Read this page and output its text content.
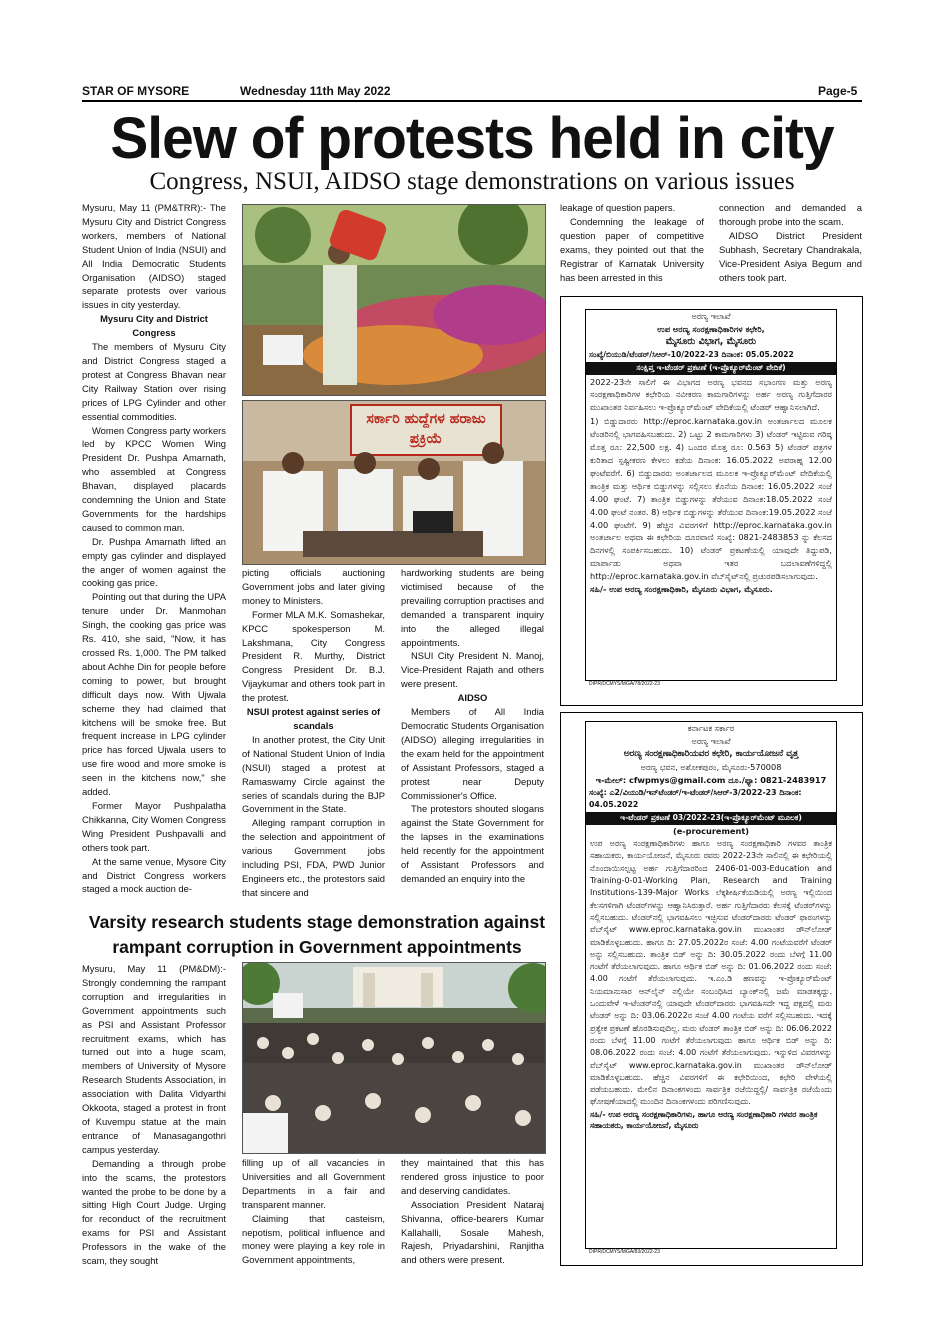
STAR OF MYSORE	Wednesday 11th May 2022	Page-5
Slew of protests held in city
Congress, NSUI, AIDSO stage demonstrations on various issues

Mysuru, May 11 (PM&TRR):- The Mysuru City and District Congress workers, members of National Student Union of India (NSUI) and All India Democratic Students Organisation (AIDSO) staged separate protests over various issues in city yesterday.

Mysuru City and District Congress

The members of Mysuru City and District Congress staged a protest at Congress Bhavan near City Railway Station over rising prices of LPG Cylinder and other essential commodities.

Women Congress party workers led by KPCC Women Wing President Dr. Pushpa Amarnath, who assembled at Congress Bhavan, displayed placards condemning the Union and State Governments for the hardships caused to common man.

Dr. Pushpa Amarnath lifted an empty gas cylinder and displayed the anger of women against the cooking gas price.

Pointing out that during the UPA tenure under Dr. Manmohan Singh, the cooking gas price was Rs. 410, she said, "Now, it has crossed Rs. 1,000. The PM talked about Achhe Din for people before coming to power, but brought difficult days now. With Ujwala scheme they had claimed that kitchens will be smoke free. But frequent increase in LPG cylinder price has forced Ujwala users to use fire wood and more smoke is seen in the kitchens now," she added.

Former Mayor Pushpalatha Chikkanna, City Women Congress Wing President Pushpavalli and others took part.

At the same venue, Mysore City and District Congress workers staged a mock auction de-

ಸರ್ಕಾರಿ ಹುದ್ದೆಗಳ ಹರಾಜು ಪ್ರಕ್ರಿಯೆ

picting officials auctioning Government jobs and later giving money to Ministers.

Former MLA M.K. Somashekar, KPCC spokesperson M. Lakshmana, City Congress President R. Murthy, District Congress President Dr. B.J. Vijaykumar and others took part in the protest.

NSUI protest against series of scandals

In another protest, the City Unit of National Student Union of India (NSUI) staged a protest at Ramaswamy Circle against the series of scandals during the BJP Government in the State.

Alleging rampant corruption in the selection and appointment of various Government jobs including PSI, FDA, PWD Junior Engineers etc., the protestors said that sincere and

hardworking students are being victimised because of the prevailing corruption practises and demanded a transparent inquiry into the alleged illegal appointments.

NSUI City President N. Manoj, Vice-President Rajath and others were present.

AIDSO

Members of All India Democratic Students Organisation (AIDSO) alleging irregularities in the exam held for the appointment of Assistant Professors, staged a protest near Deputy Commissioner's Office.

The protestors shouted slogans against the State Government for the lapses in the examinations held recently for the appointment of Assistant Professors and demanded an enquiry into the

leakage of question papers.

Condemning the leakage of question paper of competitive exams, they pointed out that the Registrar of Karnatak University has been arrested in this

connection and demanded a thorough probe into the scam.

AIDSO District President Subhash, Secretary Chandrakala, Vice-President Asiya Begum and others took part.

Varsity research students stage demonstration against rampant corruption in Government appointments

Mysuru, May 11 (PM&DM):- Strongly condemning the rampant corruption and irregularities in Government appointments such as PSI and Assistant Professor recruitment exams, which has turned out into a huge scam, members of University of Mysore Research Students Association, in association with Dalita Vidyarthi Okkoota, staged a protest in front of Kuvempu statue at the main entrance of Manasagangothri campus yesterday.

Demanding a through probe into the scams, the protestors wanted the probe to be done by a sitting High Court Judge. Urging for reconduct of the recruitment exams for PSI and Assistant Professors in the wake of the scam, they sought

filling up of all vacancies in Universities and all Government Departments in a fair and transparent manner.

Claiming that casteism, nepotism, political influence and money were playing a key role in Government appointments,

they maintained that this has rendered gross injustice to poor and deserving candidates.

Association President Nataraj Shivanna, office-bearers Kumar Kallahalli, Sosale Mahesh, Rajesh, Priyadarshini, Ranjitha and others were present.

ಅರಣ್ಯ ಇಲಾಖೆ
ಉಪ ಅರಣ್ಯ ಸಂರಕ್ಷಣಾಧಿಕಾರಿಗಳ ಕಛೇರಿ,
ಮೈಸೂರು ವಿಭಾಗ, ಮೈಸೂರು
ಸಂಖ್ಯೆ/ಬಿಯುಡಿ/ಟೆಂಡರ್/ಸಿಆರ್-10/2022-23 ದಿನಾಂಕ: 05.05.2022
ಸಂಕ್ಷಿಪ್ತ ಇ-ಟೆಂಡರ್ ಪ್ರಕಟಣೆ (ಇ-ಪ್ರೊಕ್ಯೂರ್‌ಮೆಂಟ್ ವೇದಿಕೆ)
2022-23ನೇ ಸಾಲಿಗೆ ಈ ವಿಭಾಗದ ಅರಣ್ಯ ಭವನದ ಸಭಾಂಗಣ ಮತ್ತು ಅರಣ್ಯ ಸಂರಕ್ಷಣಾಧಿಕಾರಿಗಳ ಕಛೇರಿಯ ನವೀಕರಣ ಕಾಮಗಾರಿಗಳನ್ನು ಅರ್ಹ ಅರಣ್ಯ ಗುತ್ತಿಗೆದಾರರ ಮುಖಾಂತರ ನಿರ್ವಹಿಸಲು ಇ-ಪ್ರೊಕ್ಯೂರ್‌ಮೆಂಟ್ ವೇದಿಕೆಯಲ್ಲಿ ಟೆಂಡರ್ ಆಹ್ವಾನಿಸಲಾಗಿದೆ.
1) ಬಿಡ್ಡುದಾರರು http://eproc.karnataka.gov.in ಅಂತರ್ಜಾಲದ ಮೂಲಕ ಟೆಂಡರಿನಲ್ಲಿ ಭಾಗವಹಿಸಬಹುದು. 2) ಒಟ್ಟು 2 ಕಾಮಗಾರಿಗಳು 3) ಟೆಂಡರ್ ಇಟ್ಟಿರುವ ಗರಿಷ್ಠ ಮೊತ್ತ ರೂ: 22,500 ಲಕ್ಷ. 4) ಒಂದರ ಮೊತ್ತ ರೂ: 0.563 5) ಟೆಂಡರ್ ಪತ್ರಗಳ ಕುರಿತಾದ ಸ್ಪಷ್ಟೀಕರಣ ಕೇಳಲು ಕಡೆಯ ದಿನಾಂಕ: 16.05.2022 ಅಪರಾಹ್ನ 12.00 ಘಂಟೆವರೆಗೆ. 6) ಬಿಡ್ಡುದಾರರು ಅಂತರ್ಜಾಲದ ಮೂಲಕ ಇ-ಪ್ರೊಕ್ಯೂರ್‌ಮೆಂಟ್ ವೇದಿಕೆಯಲ್ಲಿ ತಾಂತ್ರಿಕ ಮತ್ತು ಆರ್ಥಿಕ ಬಿಡ್ಡುಗಳನ್ನು ಸಲ್ಲಿಸಲು ಕೊನೆಯ ದಿನಾಂಕ: 16.05.2022 ಸಂಜೆ 4.00 ಘಂಟೆ. 7) ತಾಂತ್ರಿಕ ಬಿಡ್ಡುಗಳನ್ನು ತೆರೆಯುವ ದಿನಾಂಕ:18.05.2022 ಸಂಜೆ 4.00 ಘಂಟೆ ನಂತರ. 8) ಆರ್ಥಿಕ ಬಿಡ್ಡುಗಳನ್ನು ತೆರೆಯುವ ದಿನಾಂಕ:19.05.2022 ಸಂಜೆ 4.00 ಘಂಟೆಗೆ. 9) ಹೆಚ್ಚಿನ ವಿವರಗಳಿಗೆ http://eproc.karnataka.gov.in ಅಂತರ್ಜಾಲ ಅಥವಾ ಈ ಕಛೇರಿಯ ದೂರವಾಣಿ ಸಂಖ್ಯೆ: 0821-2483853 ನ್ನು ಕೆಲಸದ ದಿನಗಳಲ್ಲಿ ಸಂಪರ್ಕಿಸಬಹುದು. 10) ಟೆಂಡರ್ ಪ್ರಕಟಣೆಯಲ್ಲಿ ಯಾವುದೇ ತಿದ್ದುಪಡಿ, ಮಾರ್ಪಾಡು ಅಥವಾ ಇತರ ಬದಲಾವಣೆಗಳಿದ್ದಲ್ಲಿ http://eproc.karnataka.gov.in ವೆಬ್‌ಸೈಟ್‌ನಲ್ಲಿ ಪ್ರಚುರಪಡಿಸಲಾಗುವುದು.
ಸಹಿ/- ಉಪ ಅರಣ್ಯ ಸಂರಕ್ಷಣಾಧಿಕಾರಿ, ಮೈಸೂರು ವಿಭಾಗ, ಮೈಸೂರು.
DIPR/DCMYS/MGA/78/2022-23
ಕರ್ನಾಟಕ ಸರ್ಕಾರ
ಅರಣ್ಯ ಇಲಾಖೆ
ಅರಣ್ಯ ಸಂರಕ್ಷಣಾಧಿಕಾರಿಯವರ ಕಛೇರಿ, ಕಾರ್ಯಯೋಜನೆ ವೃತ್ತ
ಅರಣ್ಯ ಭವನ, ಅಶೋಕಪುರಂ, ಮೈಸೂರು-570008
ಇ-ಮೇಲ್: cfwpmys@gmail.com ದೂ./ಫ್ಯಾ: 0821-2483917
ಸಂಖ್ಯೆ: ಎ2/ವಿಯುಡಿ/ಇನ್‌ಟೆಂಡರ್/ಇ-ಟೆಂಡರ್/ಸಿಆರ್-3/2022-23 ದಿನಾಂಕ: 04.05.2022
ಇ-ಟೆಂಡರ್ ಪ್ರಕಟಣೆ 03/2022-23(ಇ-ಪ್ರೊಕ್ಯೂರ್‌ಮೆಂಟ್ ಮೂಲಕ)
(e-procurement)
ಉಪ ಅರಣ್ಯ ಸಂರಕ್ಷಣಾಧಿಕಾರಿಗಳು ಹಾಗೂ ಅರಣ್ಯ ಸಂರಕ್ಷಣಾಧಿಕಾರಿ ಗಳವರ ತಾಂತ್ರಿಕ ಸಹಾಯಕರು, ಕಾರ್ಯಯೋಜನೆ, ಮೈಸೂರು ರವರು 2022-23ನೇ ಸಾಲಿನಲ್ಲಿ ಈ ಕಛೇರಿಯಲ್ಲಿ ನೊಂದಾಯಿಸಲ್ಪಟ್ಟ ಅರ್ಹ ಗುತ್ತಿಗೆದಾರರಿಂದ 2406-01-003-Education and Training-0-01-Working Plan, Research and Training Institutions-139-Major Works ಲೆಕ್ಕಶೀರ್ಷಿಕೆಯಡಿಯಲ್ಲಿ ಅರಣ್ಯ ಇಲ್ಲಿಯಿಂದ ಕೆಲಸಗಳಿಗಾಗಿ ಟೆಂಡರ್‌ಗಳನ್ನು ಆಹ್ವಾನಿಸಿರುತ್ತಾರೆ. ಅರ್ಹ ಗುತ್ತಿಗೆದಾರರು ಕೆಲಸಕ್ಕೆ ಟೆಂಡರ್‌ಗಳನ್ನು ಸಲ್ಲಿಸಬಹುದು. ಟೆಂಡರ್‌ನಲ್ಲಿ ಭಾಗವಹಿಸಲು ಇಚ್ಛಿಸುವ ಟೆಂಡರ್‌ದಾರರು ಟೆಂಡರ್ ಫಾರಂಗಳನ್ನು ವೆಬ್‌ಸೈಟ್ www.eproc.karnataka.gov.in ಮುಖಾಂತರ ಡೌನ್‌ಲೋಡ್ ಮಾಡಿಕೊಳ್ಳಬಹುದು. ಹಾಗೂ ದಿ: 27.05.2022ರ ಸಂಜೆ: 4.00 ಗಂಟೆಯವರೆಗೆ ಟೆಂಡರ್ ಅನ್ನು ಸಲ್ಲಿಸಬಹುದು. ತಾಂತ್ರಿಕ ಬಿಡ್ ಅನ್ನು ದಿ: 30.05.2022 ರಂದು ಬೆಳಗ್ಗೆ 11.00 ಗಂಟೆಗೆ ತೆರೆಯಲಾಗುವುದು. ಹಾಗೂ ಆರ್ಥಿಕ ಬಿಡ್ ಅನ್ನು ದಿ: 01.06.2022 ರಂದು ಸಂಜೆ: 4.00 ಗಂಟೆಗೆ ತೆರೆಯಲಾಗುವುದು. ಇ.ಎಂ.ಡಿ ಹಣವನ್ನು ಇ-ಪ್ರೊಕ್ಯೂರ್‌ಮೆಂಟ್ ನಿಯಮಾನುಸಾರ ಆನ್‌ಲೈನ್ ನಲ್ಲಿಯೇ ಸಂಬಂಧಿಸಿದ ಬ್ಯಾಂಕ್‌ನಲ್ಲಿ ಜಮೆ ಮಾಡತಕ್ಕದ್ದು. ಒಂದುವೇಳೆ ಇ-ಟೆಂಡರ್‌ನಲ್ಲಿ ಯಾವುದೇ ಟೆಂಡರ್‌ದಾರರು ಭಾಗವಹಿಸದೇ ಇದ್ದ ಪಕ್ಷದಲ್ಲಿ ಮರು ಟೆಂಡರ್ ಅನ್ನು ದಿ: 03.06.2022ರ ಸಂಜೆ 4.00 ಗಂಟೆಯ ವರೆಗೆ ಸಲ್ಲಿಸಬಹುದು. ಇದಕ್ಕೆ ಪ್ರತ್ಯೇಕ ಪ್ರಕಟಣೆ ಹೊರಡಿಸುವುದಿಲ್ಲ. ಮರು ಟೆಂಡರ್ ತಾಂತ್ರಿಕ ಬಿಡ್ ಅನ್ನು ದಿ: 06.06.2022 ರಂದು ಬೆಳಗ್ಗೆ 11.00 ಗಂಟೆಗೆ ತೆರೆಯಲಾಗುವುದು ಹಾಗೂ ಆರ್ಥಿಕ ಬಿಡ್ ಅನ್ನು ದಿ: 08.06.2022 ರಂದು ಸಂಜೆ: 4.00 ಗಂಟೆಗೆ ತೆರೆಯಲಾಗುವುದು. ಇನ್ನುಳಿದ ವಿವರಗಳನ್ನು ವೆಬ್‌ಸೈಟ್ www.eproc.karnataka.gov.in ಮುಖಾಂತರ ಡೌನ್‌ಲೋಡ್ ಮಾಡಿಕೊಳ್ಳಬಹುದು. ಹೆಚ್ಚಿನ ವಿವರಗಳಿಗೆ ಈ ಕಛೇರಿಯಿಂದ, ಕಛೇರಿ ವೇಳೆಯಲ್ಲಿ ಪಡೆಯಬಹುದು. ಮೇಲಿನ ದಿನಾಂಕಗಳಂದು ಸಾರ್ವತ್ರಿಕ ರಜೆಯಿದ್ದಲ್ಲಿ/ ಸಾರ್ವತ್ರಿಕ ರಜೆಯೆಂದು ಘೋಷಣೆಯಾದಲ್ಲಿ ಮುಂದಿನ ದಿನಾಂಕಗಳಂದು ಪರಿಗಣಿಸುವುದು.
ಸಹಿ/- ಉಪ ಅರಣ್ಯ ಸಂರಕ್ಷಣಾಧಿಕಾರಿಗಳು, ಹಾಗೂ ಅರಣ್ಯ ಸಂರಕ್ಷಣಾಧಿಕಾರಿ ಗಳವರ ತಾಂತ್ರಿಕ ಸಹಾಯಕರು, ಕಾರ್ಯಯೋಜನೆ, ಮೈಸೂರು
DIPR/DCMYS/MGA/83/2022-23
